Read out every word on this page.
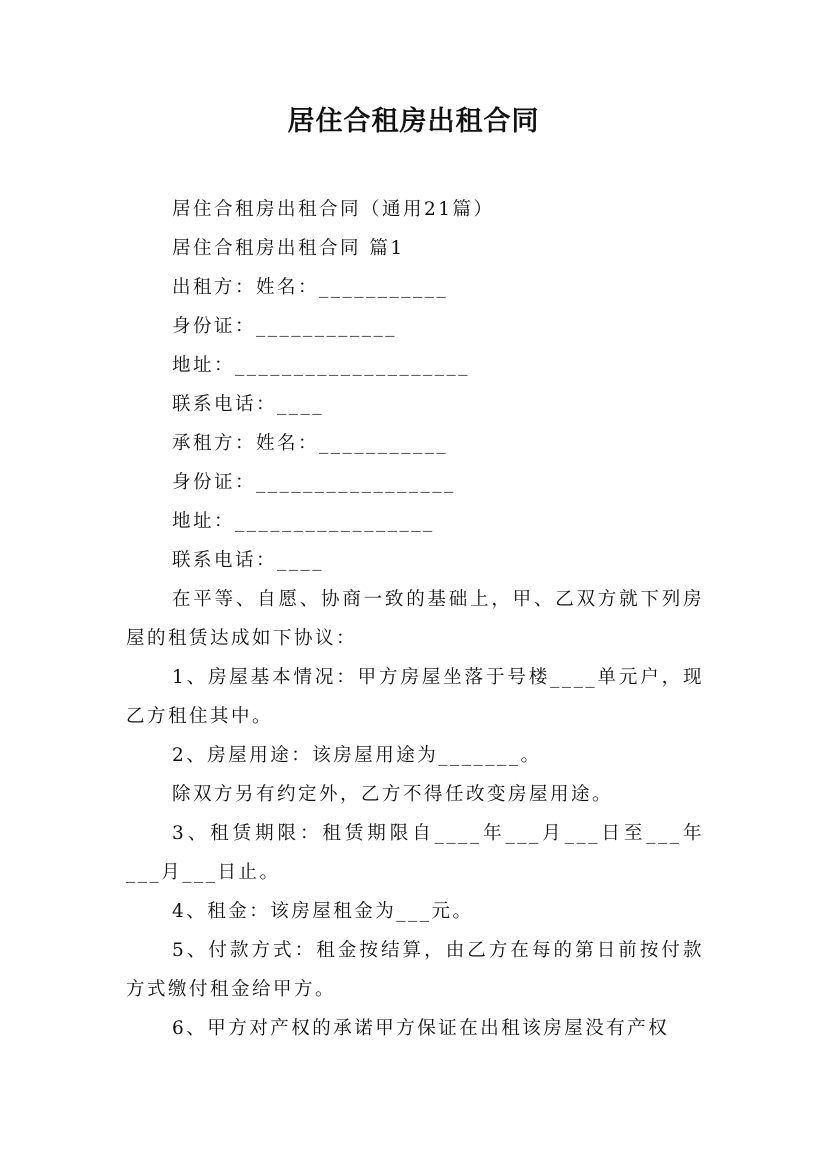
居住合租房出租合同
居住合租房出租合同（通用21篇）
居住合租房出租合同 篇1
出租方：姓名：___________
身份证：____________
地址：____________________
联系电话：____
承租方：姓名：___________
身份证：_________________
地址：_________________
联系电话：____
在平等、自愿、协商一致的基础上，甲、乙双方就下列房屋的租赁达成如下协议：
1、房屋基本情况：甲方房屋坐落于号楼____单元户，现乙方租住其中。
2、房屋用途：该房屋用途为_______。
除双方另有约定外，乙方不得任改变房屋用途。
3、租赁期限：租赁期限自____年___月___日至___年___月___日止。
4、租金：该房屋租金为___元。
5、付款方式：租金按结算，由乙方在每的第日前按付款方式缴付租金给甲方。
6、甲方对产权的承诺甲方保证在出租该房屋没有产权
